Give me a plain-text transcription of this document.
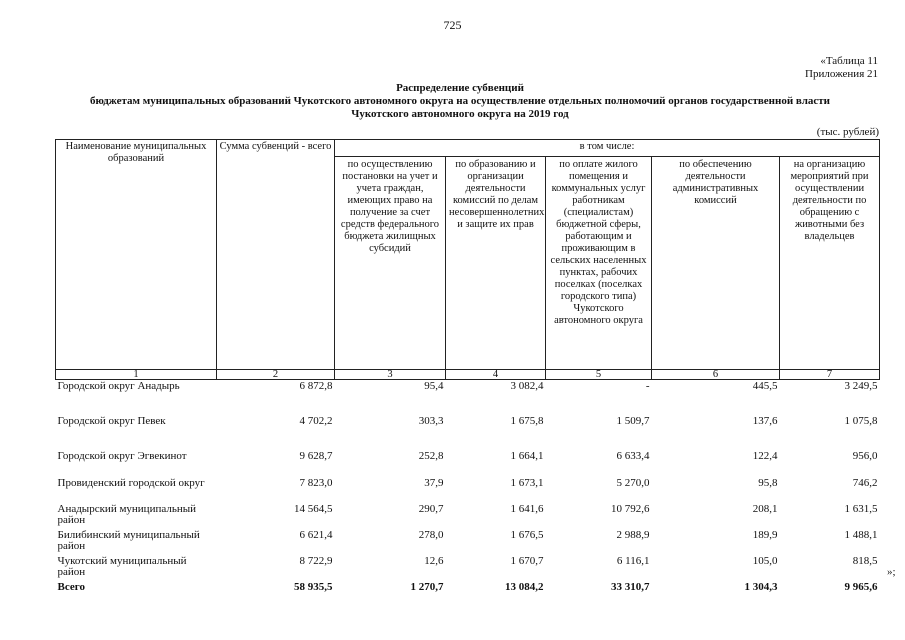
725
«Таблица 11
Приложения 21
Распределение субвенций
бюджетам муниципальных образований Чукотского автономного округа на осуществление отдельных полномочий органов государственной власти
Чукотского автономного округа на 2019 год
(тыс. рублей)
Наименование муниципальных образований	Сумма субвенций - всего	в том числе:				
		по осуществлению постановки на учет и учета граждан, имеющих право на получение за счет средств федерального бюджета жилищных субсидий	по образованию и организации деятельности комиссий по делам несовершеннолетних и защите их прав	по оплате жилого помещения и коммунальных услуг работникам (специалистам) бюджетной сферы, работающим и проживающим в сельских населенных пунктах, рабочих поселках (поселках городского типа) Чукотского автономного округа	по обеспечению деятельности административных комиссий	на организацию мероприятий при осуществлении деятельности по обращению с животными без владельцев
1	2	3	4	5	6	7
Городской округ Анадырь	6 872,8	95,4	3 082,4	-	445,5	3 249,5
Городской округ Певек	4 702,2	303,3	1 675,8	1 509,7	137,6	1 075,8
Городской округ Эгвекинот	9 628,7	252,8	1 664,1	6 633,4	122,4	956,0
Провиденский городской округ	7 823,0	37,9	1 673,1	5 270,0	95,8	746,2
Анадырский муниципальный район	14 564,5	290,7	1 641,6	10 792,6	208,1	1 631,5
Билибинский муниципальный район	6 621,4	278,0	1 676,5	2 988,9	189,9	1 488,1
Чукотский муниципальный район	8 722,9	12,6	1 670,7	6 116,1	105,0	818,5
Всего	58 935,5	1 270,7	13 084,2	33 310,7	1 304,3	9 965,6
»;
